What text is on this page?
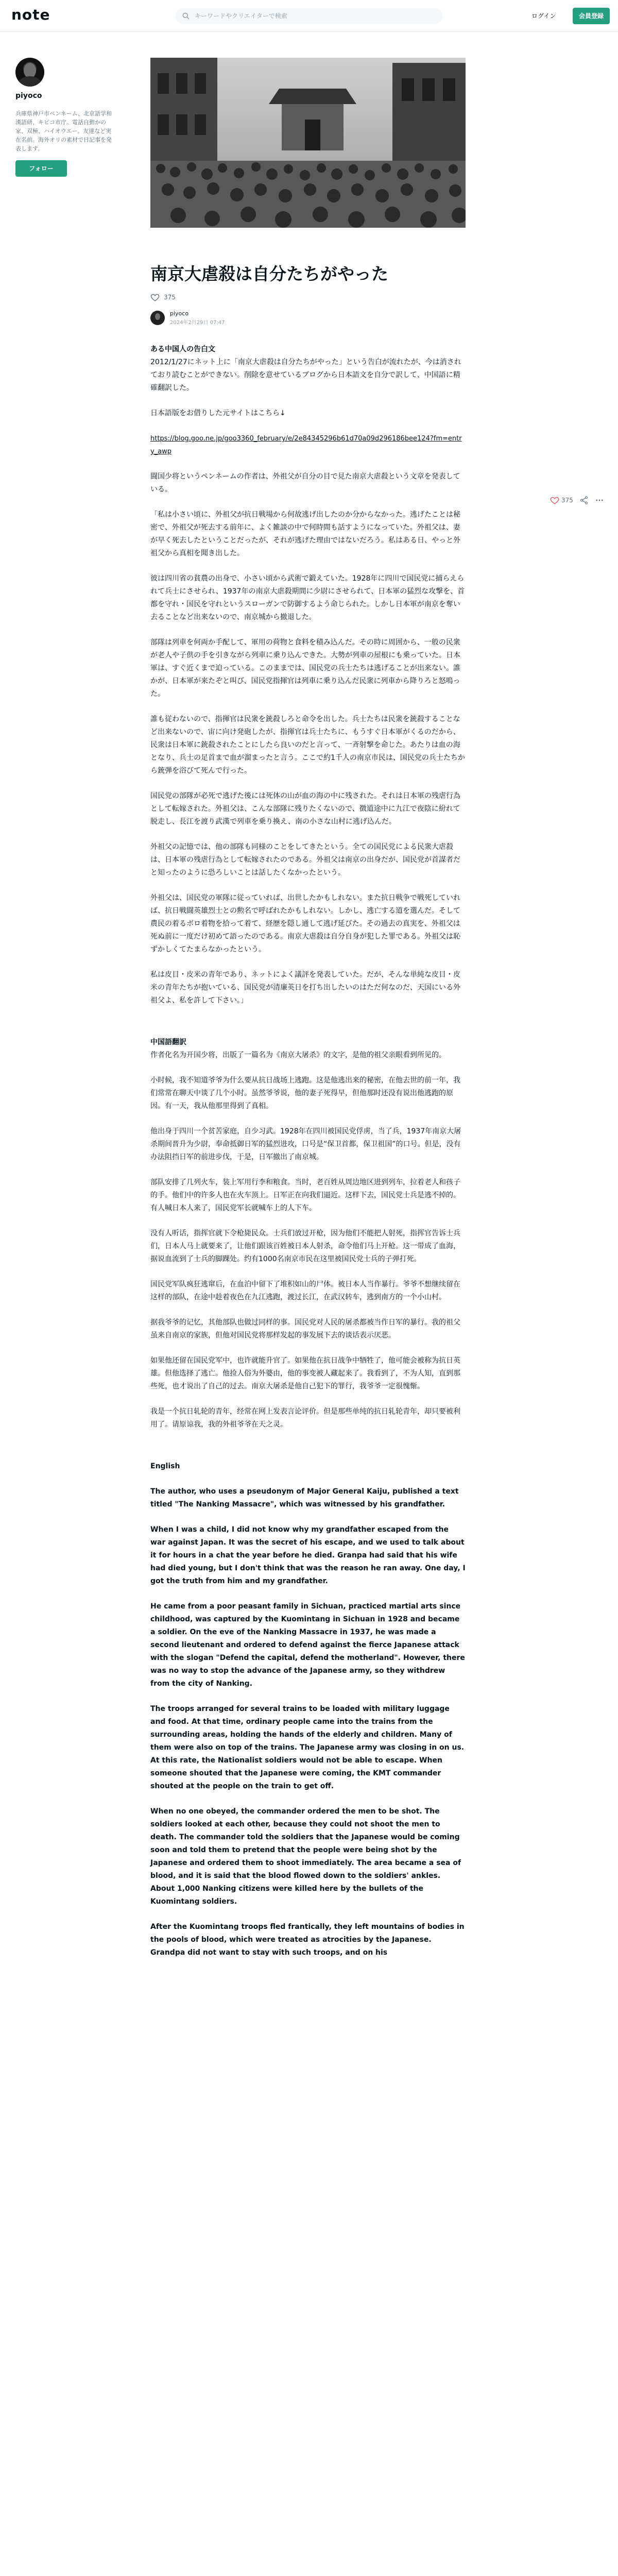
note
キーワードやクリエイターで検索	ログイン	会員登録
piyoco
兵庫県神戸市ペンネーム、北京語学和漢語研、キビコ市庁。電話自動かの家、双極、ハイオウエー。友達など実在名前。海外オリの素材で日記事を発表します。
フォロー
南京大虐殺は自分たちがやった
375
piyoco
2024年2月29日 07:47

ある中国人の告白文

2012/1/27にネット上に「南京大虐殺は自分たちがやった」という告白が流れたが、今は消されており読むことができない。削除を意せているブログから日本語文を自分で訳して、中国語に精確翻訳した。

日本語版をお借りした元サイトはこちら↓

https://blog.goo.ne.jp/goo3360_february/e/2e84345296b61d70a09d296186bee124?fm=entry_awp

闘国少将というペンネームの作者は、外祖父が自分の目で見た南京大虐殺という文章を発表している。

「私は小さい頃に、外祖父が抗日戦場から何故逃げ出したのか分からなかった。逃げたことは秘密で、外祖父が死去する前年に、よく雑談の中で何時間も話すようになっていた。外祖父は、妻が早く死去したということだったが、それが逃げた理由ではないだろう。私はある日、やっと外祖父から真相を聞き出した。

彼は四川省の貧農の出身で、小さい頃から武術で鍛えていた。1928年に四川で国民党に捕らえられて兵士にさせられ、1937年の南京大虐殺期間に少尉にさせられて、日本軍の猛烈な攻撃を、首都を守れ・国民を守れというスローガンで防御するよう命じられた。しかし日本軍が南京を奪い去ることなど出来ないので、南京城から撤退した。

部隊は列車を何両か手配して、軍用の荷物と食料を積み込んだ。その時に周囲から、一般の民衆が老人や子供の手を引きながら列車に乗り込んできた。大勢が列車の屋根にも乗っていた。日本軍は、すぐ近くまで迫っている。このままでは、国民党の兵士たちは逃げることが出来ない。誰かが、日本軍が来たぞと叫び、国民党指揮官は列車に乗り込んだ民衆に列車から降りろと怒鳴った。

誰も従わないので、指揮官は民衆を銃殺しろと命令を出した。兵士たちは民衆を銃殺することなど出来ないので、宙に向け発砲したが、指揮官は兵士たちに、もうすぐ日本軍がくるのだから、民衆は日本軍に銃殺されたことにしたら良いのだと言って、一斉射撃を命じた。あたりは血の海となり、兵士の足首まで血が溜まったと言う。ここで約1千人の南京市民は、国民党の兵士たちから銃弾を浴びて死んで行った。

国民党の部隊が必死で逃げた後には死体の山が血の海の中に残された。それは日本軍の残虐行為として転嫁された。外祖父は、こんな部隊に残りたくないので、徴道途中に九江で夜陰に紛れて脱走し、長江を渡り武漢で列車を乗り換え、南の小さな山村に逃げ込んだ。

外祖父の記憶では、他の部隊も同様のことをしてきたという。全ての国民党による民衆大虐殺は、日本軍の残虐行為として転嫁されたのである。外祖父は南京の出身だが、国民党が首謀者だと知ったのように恐ろしいことは話したくなかったという。

外祖父は、国民党の軍隊に従っていれば、出世したかもしれない。また抗日戦争で戦死していれば、抗日戦闘英雄烈士との勲名で呼ばれたかもしれない。しかし、逃亡する道を選んだ。そして農民の着るボロ着物を拾って着て、経歴を隠し通して逃げ延びた。その過去の真実を、外祖父は死ぬ前に一度だけ初めて語ったのである。南京大虐殺は自分自身が犯した罪である。外祖父は恥ずかしくてたまらなかったという。

私は皮目・皮米の青年であり、ネットによく議評を発表していた。だが、そんな単純な皮目・皮米の青年たちが抱いている、国民党が清廉英日を打ち出したいのはただ何なのだ、天国にいる外祖父よ、私を許して下さい。」

中国語翻訳

作者化名为开国少将，出版了一篇名为《南京大屠杀》的文字，是他的祖父亲眼看到所见的。

小时候，我不知道爷爷为什么要从抗日战场上逃跑。这是他逃出来的秘密，在他去世的前一年，我们常常在聊天中谈了几个小时。虽然爷爷说，他的妻子死得早，但他那时还没有说出他逃跑的原因。有一天，我从他那里得到了真相。

他出身于四川一个贫苦家庭，自少习武。1928年在四川被国民党俘虏，当了兵，1937年南京大屠杀期间晋升为少尉，奉命抵御日军的猛烈进攻，口号是“保卫首都，保卫祖国”的口号。但是，没有办法阻挡日军的前进步伐，于是，日军撤出了南京城。

部队安排了几列火车，装上军用行李和粮食。当时，老百姓从周边地区进到列车，拉着老人和孩子的手。他们中的许多人也在火车顶上。日军正在向我们逼近。这样下去，国民党士兵是逃不掉的。有人喊日本人来了，国民党军长就喊车上的人下车。

没有人听话，指挥官就下令枪毙民众。士兵们放过开枪，因为他们不能把人射死，指挥官告诉士兵们，日本人马上就要来了，让他们跟该百姓被日本人射杀，命令他们马上开枪。这一带成了血海，据说血流到了士兵的脚踝处。约有1000名南京市民在这里被国民党士兵的子弹打死。

国民党军队疯狂逃窜后，在血泊中留下了堆积如山的尸体。被日本人当作暴行。爷爷不想继续留在这样的部队，在途中趁着夜色在九江逃跑，渡过长江，在武汉转车，逃到南方的一个小山村。

据我爷爷的记忆，其他部队也做过同样的事。国民党对人民的屠杀都被当作日军的暴行。我的祖父虽来自南京的家族，但他对国民党将那样发起的事发展下去的谈话表示厌恶。

如果他还留在国民党军中，也许就能升官了。如果他在抗日战争中牺牲了，他可能会被称为抗日英雄。但他选择了逃亡。他捡人俗为外婆由，他的事变被人藏起来了。我看到了，不为人知，直到那些死，也才说出了自己的过去。南京大屠杀是他自己犯下的罪行，我爷爷一定很愧惭。

我是一个抗日轧轮的青年，经常在网上发表言论评价。但是那些单纯的抗日轧轮青年，却只要被利用了。请原谅我，我的外祖爷爷在天之灵。

English

The author, who uses a pseudonym of Major General Kaiju, published a text titled "The Nanking Massacre", which was witnessed by his grandfather.

When I was a child, I did not know why my grandfather escaped from the war against Japan. It was the secret of his escape, and we used to talk about it for hours in a chat the year before he died. Granpa had said that his wife had died young, but I don't think that was the reason he ran away. One day, I got the truth from him and my grandfather.

He came from a poor peasant family in Sichuan, practiced martial arts since childhood, was captured by the Kuomintang in Sichuan in 1928 and became a soldier. On the eve of the Nanking Massacre in 1937, he was made a second lieutenant and ordered to defend against the fierce Japanese attack with the slogan "Defend the capital, defend the motherland". However, there was no way to stop the advance of the Japanese army, so they withdrew from the city of Nanking.

The troops arranged for several trains to be loaded with military luggage and food. At that time, ordinary people came into the trains from the surrounding areas, holding the hands of the elderly and children. Many of them were also on top of the trains. The Japanese army was closing in on us. At this rate, the Nationalist soldiers would not be able to escape. When someone shouted that the Japanese were coming, the KMT commander shouted at the people on the train to get off.

When no one obeyed, the commander ordered the men to be shot. The soldiers looked at each other, because they could not shoot the men to death. The commander told the soldiers that the Japanese would be coming soon and told them to pretend that the people were being shot by the Japanese and ordered them to shoot immediately. The area became a sea of blood, and it is said that the blood flowed down to the soldiers' ankles. About 1,000 Nanking citizens were killed here by the bullets of the Kuomintang soldiers.

After the Kuomintang troops fled frantically, they left mountains of bodies in the pools of blood, which were treated as atrocities by the Japanese. Grandpa did not want to stay with such troops, and on his

375
